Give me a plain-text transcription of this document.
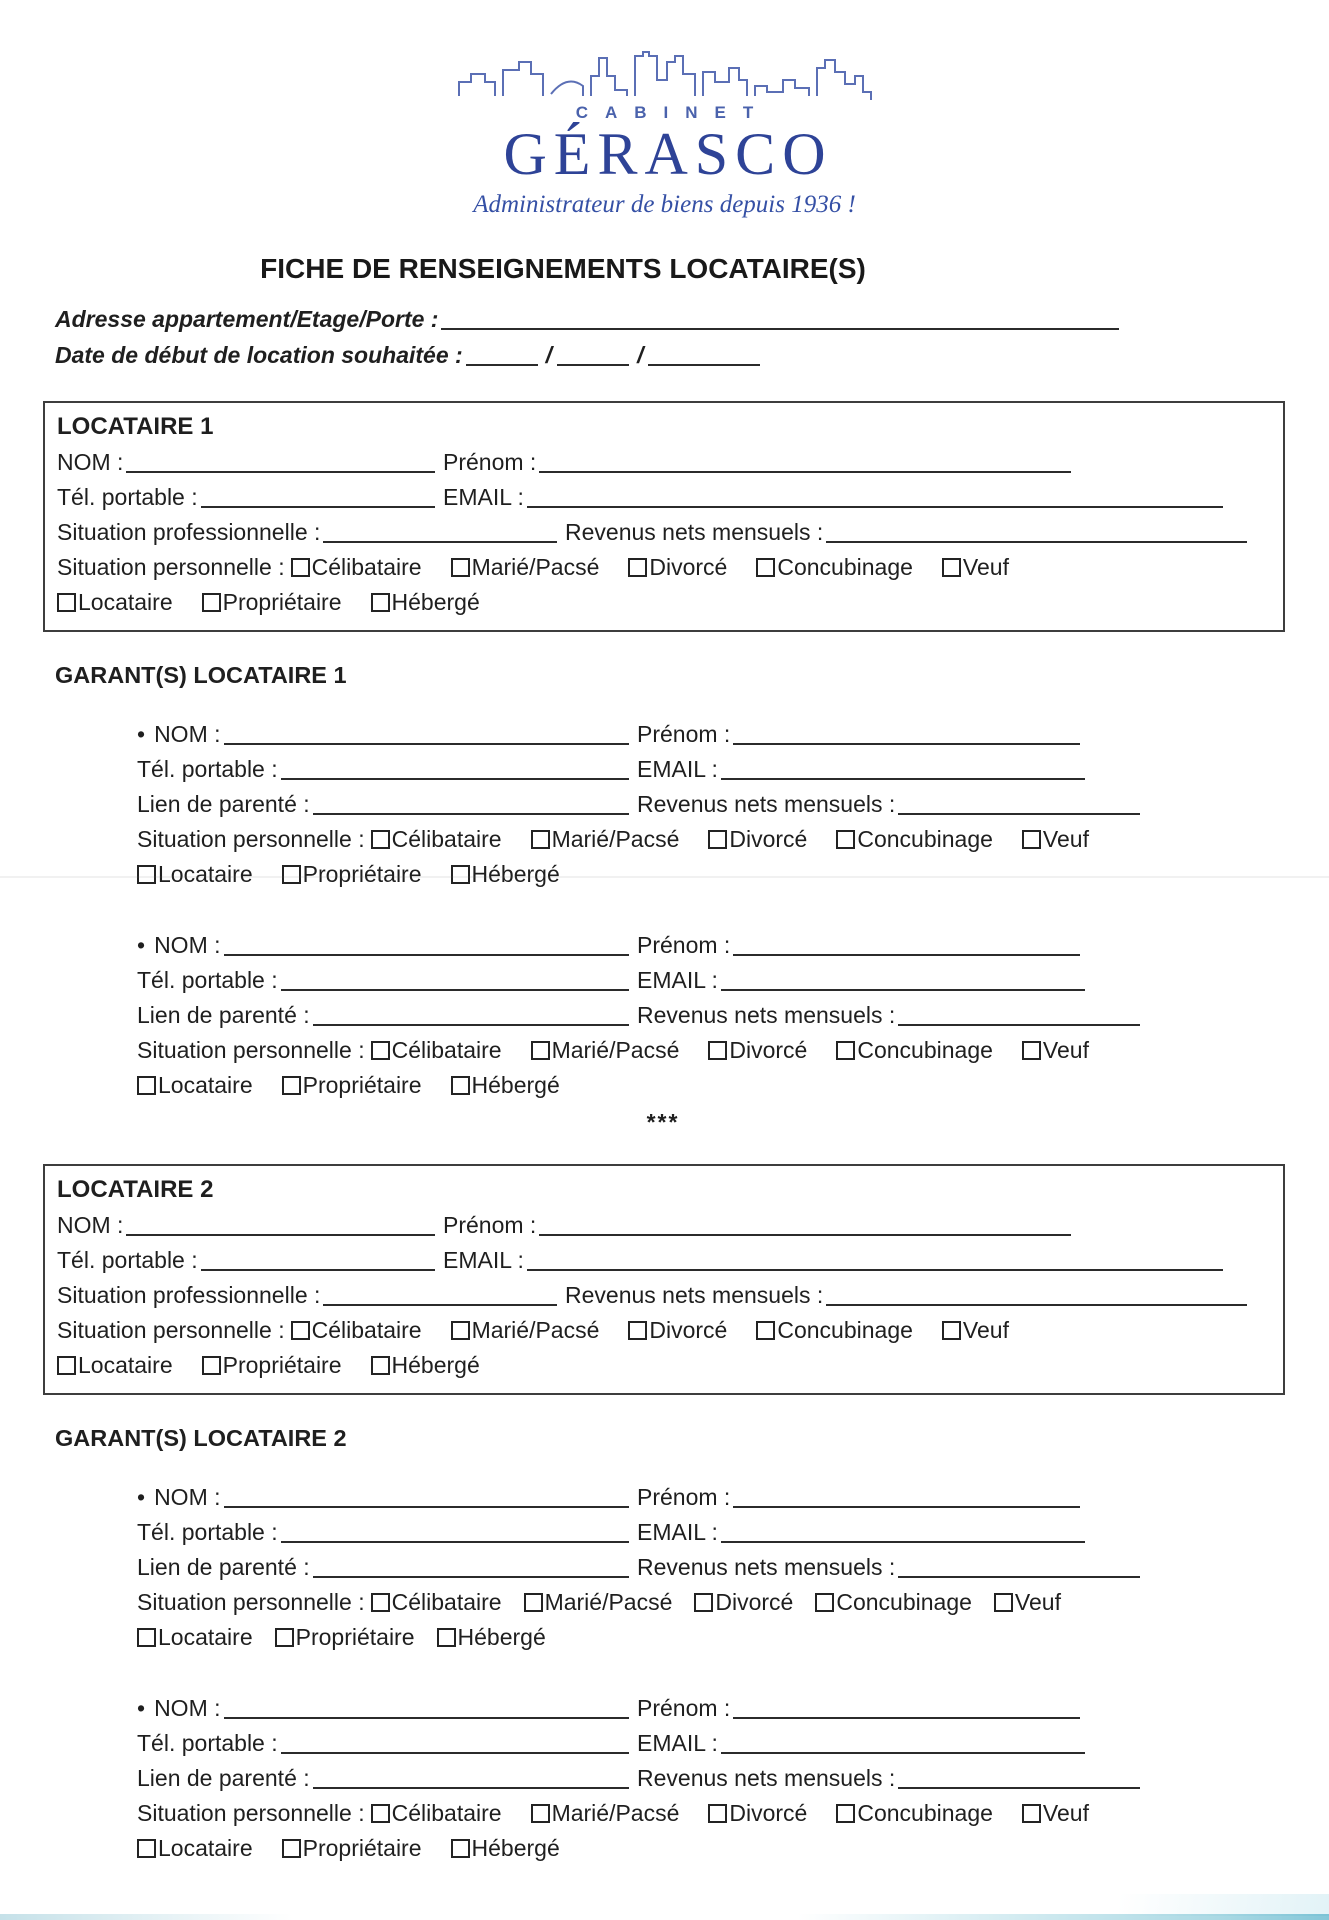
CABINET
GÉRASCO
Administrateur de biens depuis 1936 !
FICHE DE RENSEIGNEMENTS LOCATAIRE(S)
Adresse appartement/Etage/Porte :
Date de début de location souhaitée :	/	/
LOCATAIRE 1
NOM :	Prénom :
Tél. portable :	EMAIL :
Situation professionnelle :	Revenus nets mensuels :
Situation personnelle : Célibataire Marié/Pacsé Divorcé Concubinage Veuf
Locataire Propriétaire Hébergé
GARANT(S) LOCATAIRE 1
• NOM :	Prénom :
Tél. portable :	EMAIL :
Lien de parenté :	Revenus nets mensuels :
Situation personnelle : Célibataire Marié/Pacsé Divorcé Concubinage Veuf
Locataire Propriétaire Hébergé
• NOM :	Prénom :
Tél. portable :	EMAIL :
Lien de parenté :	Revenus nets mensuels :
Situation personnelle : Célibataire Marié/Pacsé Divorcé Concubinage Veuf
Locataire Propriétaire Hébergé
***
LOCATAIRE 2
NOM :	Prénom :
Tél. portable :	EMAIL :
Situation professionnelle :	Revenus nets mensuels :
Situation personnelle : Célibataire Marié/Pacsé Divorcé Concubinage Veuf
Locataire Propriétaire Hébergé
GARANT(S) LOCATAIRE 2
• NOM :	Prénom :
Tél. portable :	EMAIL :
Lien de parenté :	Revenus nets mensuels :
Situation personnelle : Célibataire Marié/Pacsé Divorcé Concubinage Veuf
Locataire Propriétaire Hébergé
• NOM :	Prénom :
Tél. portable :	EMAIL :
Lien de parenté :	Revenus nets mensuels :
Situation personnelle : Célibataire Marié/Pacsé Divorcé Concubinage Veuf
Locataire Propriétaire Hébergé
